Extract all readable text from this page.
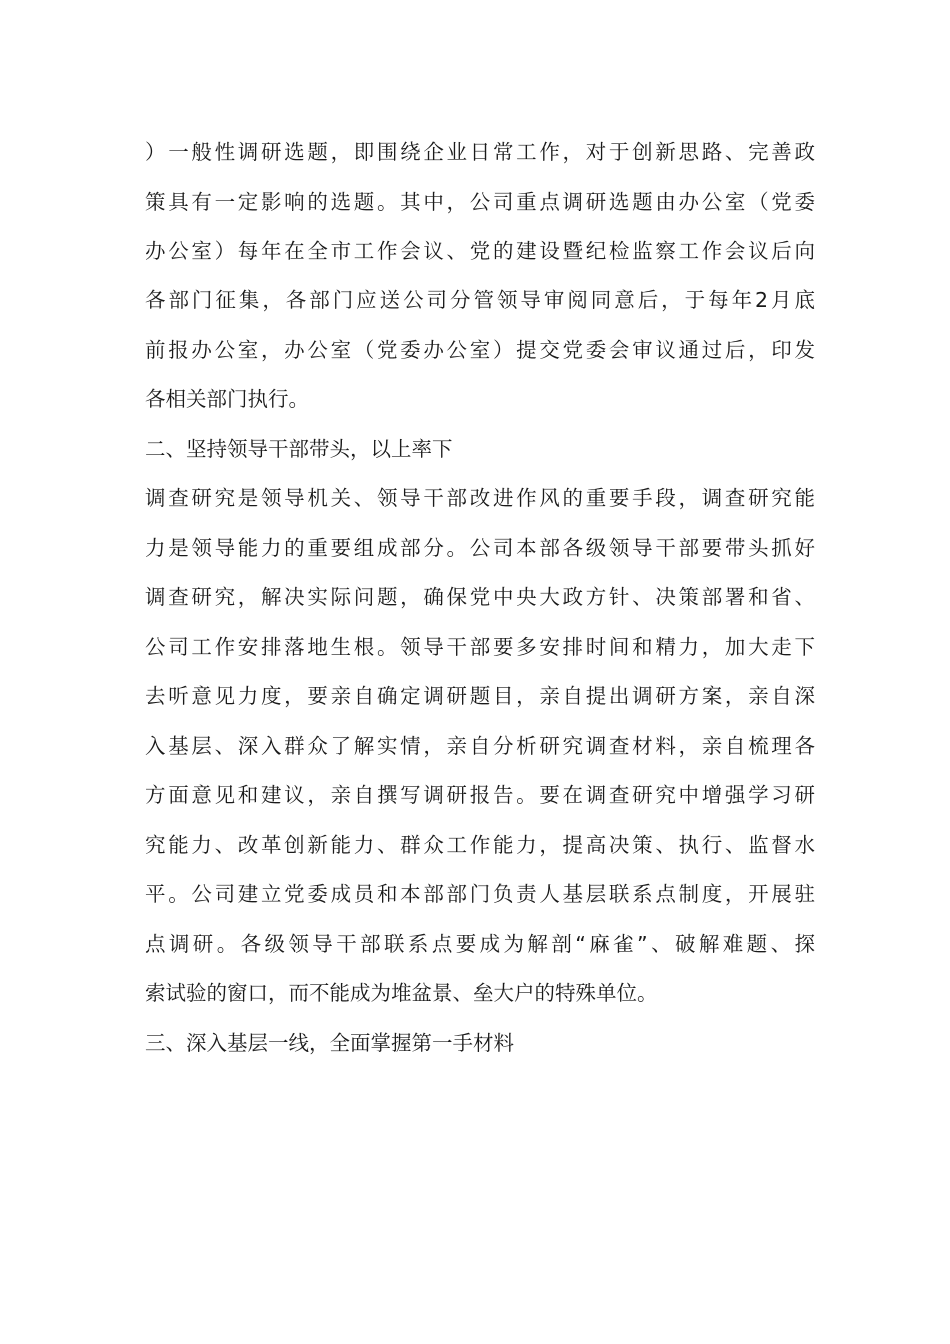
）一般性调研选题，即围绕企业日常工作，对于创新思路、完善政
策具有一定影响的选题。其中，公司重点调研选题由办公室（党委
办公室）每年在全市工作会议、党的建设暨纪检监察工作会议后向
各部门征集，各部门应送公司分管领导审阅同意后，于每年2月底
前报办公室，办公室（党委办公室）提交党委会审议通过后，印发
各相关部门执行。
二、坚持领导干部带头，以上率下
调查研究是领导机关、领导干部改进作风的重要手段，调查研究能
力是领导能力的重要组成部分。公司本部各级领导干部要带头抓好
调查研究，解决实际问题，确保党中央大政方针、决策部署和省、
公司工作安排落地生根。领导干部要多安排时间和精力，加大走下
去听意见力度，要亲自确定调研题目，亲自提出调研方案，亲自深
入基层、深入群众了解实情，亲自分析研究调查材料，亲自梳理各
方面意见和建议，亲自撰写调研报告。要在调查研究中增强学习研
究能力、改革创新能力、群众工作能力，提高决策、执行、监督水
平。公司建立党委成员和本部部门负责人基层联系点制度，开展驻
点调研。各级领导干部联系点要成为解剖“麻雀”、破解难题、探
索试验的窗口，而不能成为堆盆景、垒大户的特殊单位。
三、深入基层一线，全面掌握第一手材料
